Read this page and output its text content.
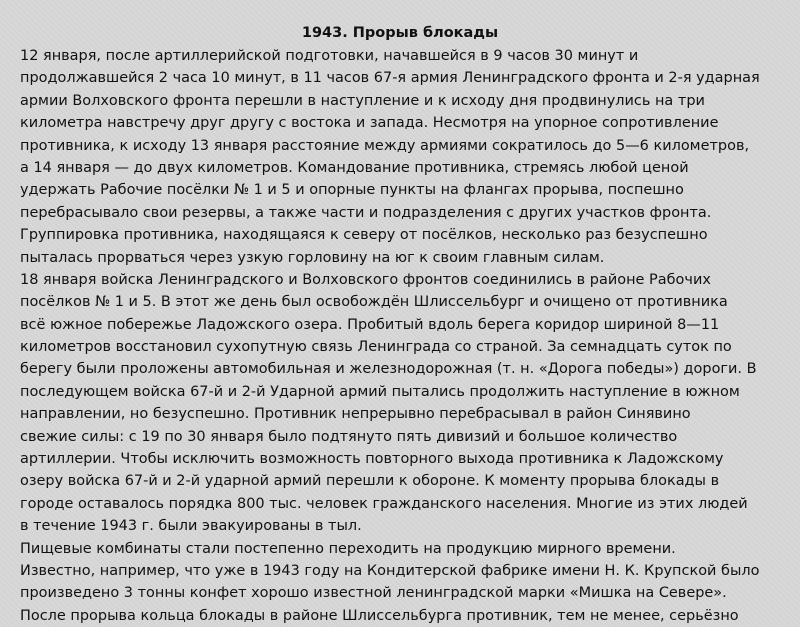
1943. Прорыв блокады
12 января, после артиллерийской подготовки, начавшейся в 9 часов 30 минут и
продолжавшейся 2 часа 10 минут, в 11 часов 67-я армия Ленинградского фронта и 2-я ударная
армии Волховского фронта перешли в наступление и к исходу дня продвинулись на три
километра навстречу друг другу с востока и запада. Несмотря на упорное сопротивление
противника, к исходу 13 января расстояние между армиями сократилось до 5—6 километров,
а 14 января — до двух километров. Командование противника, стремясь любой ценой
удержать Рабочие посёлки № 1 и 5 и опорные пункты на флангах прорыва, поспешно
перебрасывало свои резервы, а также части и подразделения с других участков фронта.
Группировка противника, находящаяся к северу от посёлков, несколько раз безуспешно
пыталась прорваться через узкую горловину на юг к своим главным силам.
18 января войска Ленинградского и Волховского фронтов соединились в районе Рабочих
посёлков № 1 и 5. В этот же день был освобождён Шлиссельбург и очищено от противника
всё южное побережье Ладожского озера. Пробитый вдоль берега коридор шириной 8—11
километров восстановил сухопутную связь Ленинграда со страной. За семнадцать суток по
берегу были проложены автомобильная и железнодорожная (т. н. «Дорога победы») дороги. В
последующем войска 67-й и 2-й Ударной армий пытались продолжить наступление в южном
направлении, но безуспешно. Противник непрерывно перебрасывал в район Синявино
свежие силы: с 19 по 30 января было подтянуто пять дивизий и большое количество
артиллерии. Чтобы исключить возможность повторного выхода противника к Ладожскому
озеру войска 67-й и 2-й ударной армий перешли к обороне. К моменту прорыва блокады в
городе оставалось порядка 800 тыс. человек гражданского населения. Многие из этих людей
в течение 1943 г. были эвакуированы в тыл.
Пищевые комбинаты стали постепенно переходить на продукцию мирного времени.
Известно, например, что уже в 1943 году на Кондитерской фабрике имени Н. К. Крупской было
произведено 3 тонны конфет хорошо известной ленинградской марки «Мишка на Севере».
После прорыва кольца блокады в районе Шлиссельбурга противник, тем не менее, серьёзно
